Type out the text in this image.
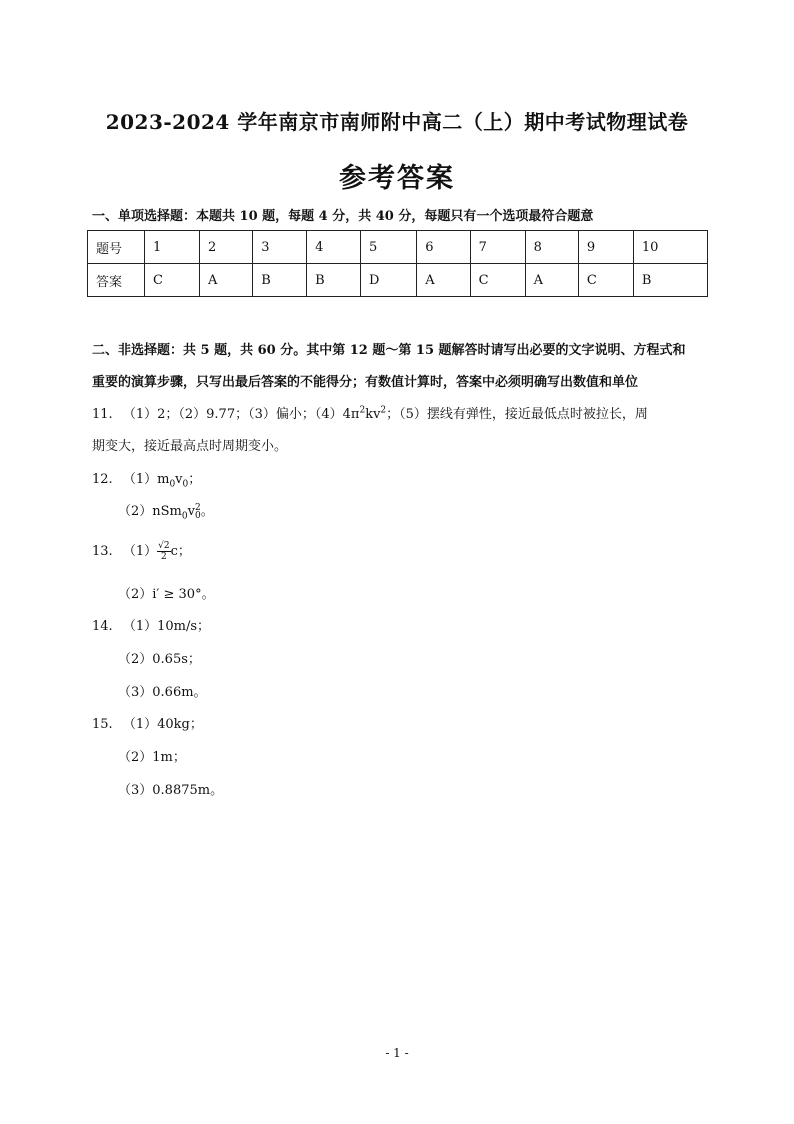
2023-2024 学年南京市南师附中高二（上）期中考试物理试卷
参考答案
一、单项选择题：本题共 10 题，每题 4 分，共 40 分，每题只有一个选项最符合题意
题号	1	2	3	4	5	6	7	8	9	10
答案	C	A	B	B	D	A	C	A	C	B
二、非选择题：共 5 题，共 60 分。其中第 12 题～第 15 题解答时请写出必要的文字说明、方程式和
重要的演算步骤，只写出最后答案的不能得分；有数值计算时，答案中必须明确写出数值和单位
11. （1）2；（2）9.77；（3）偏小；$(4)4\pi^2kv^2$；（5）摆线有弹性，接近最低点时被拉长，周
期变大，接近最高点时周期变小。
12. $(1)m_0v_0$；
（2）nSm$_0$v 2
0 。
13. $(1) \frac{√2}{2}$ c；
（2）i′ ≥ 30°。
14. （1）10m/s；
（2）0.65s；
（3）0.66m。
15. （1）40kg；
（2）1m；
（3）0.8875m。
- 1 -
